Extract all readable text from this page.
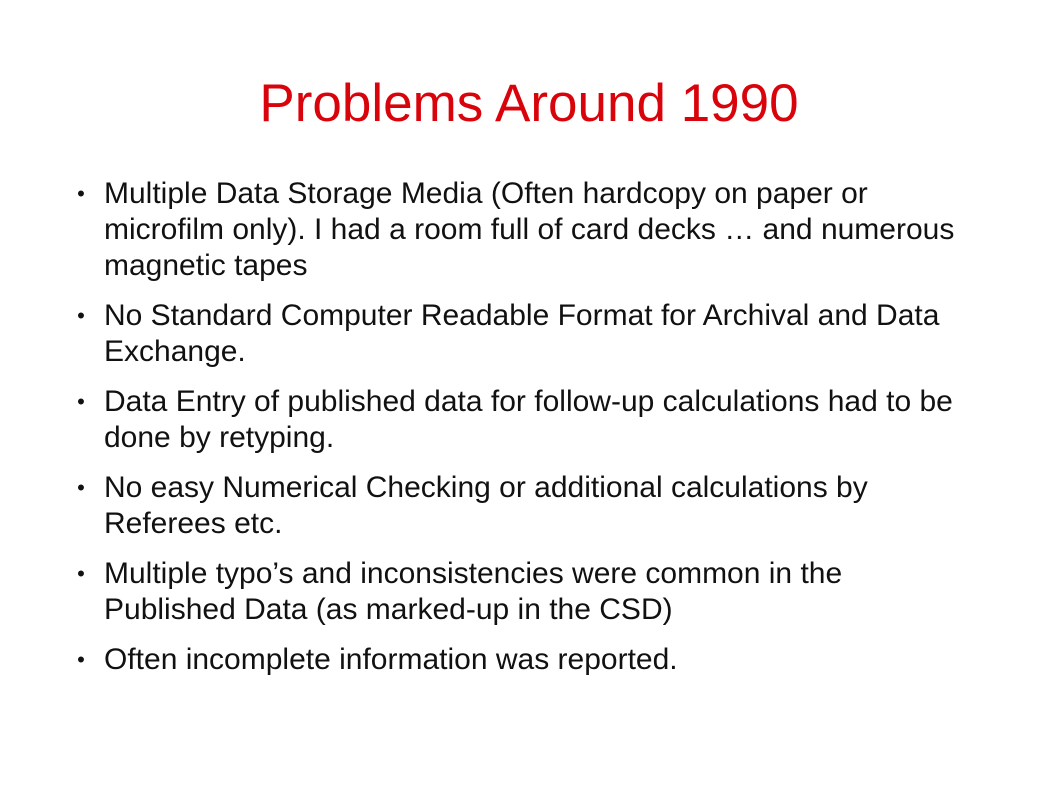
Problems Around 1990
• Multiple Data Storage Media (Often hardcopy on paper or microfilm only). I had a room full of card decks … and numerous magnetic tapes
• No Standard Computer Readable Format for Archival and Data Exchange.
• Data Entry of published data for follow-up calculations had to be done by retyping.
• No easy Numerical Checking or additional calculations by Referees etc.
• Multiple typo’s and inconsistencies were common in the Published Data (as marked-up in the CSD)
• Often incomplete information was reported.
